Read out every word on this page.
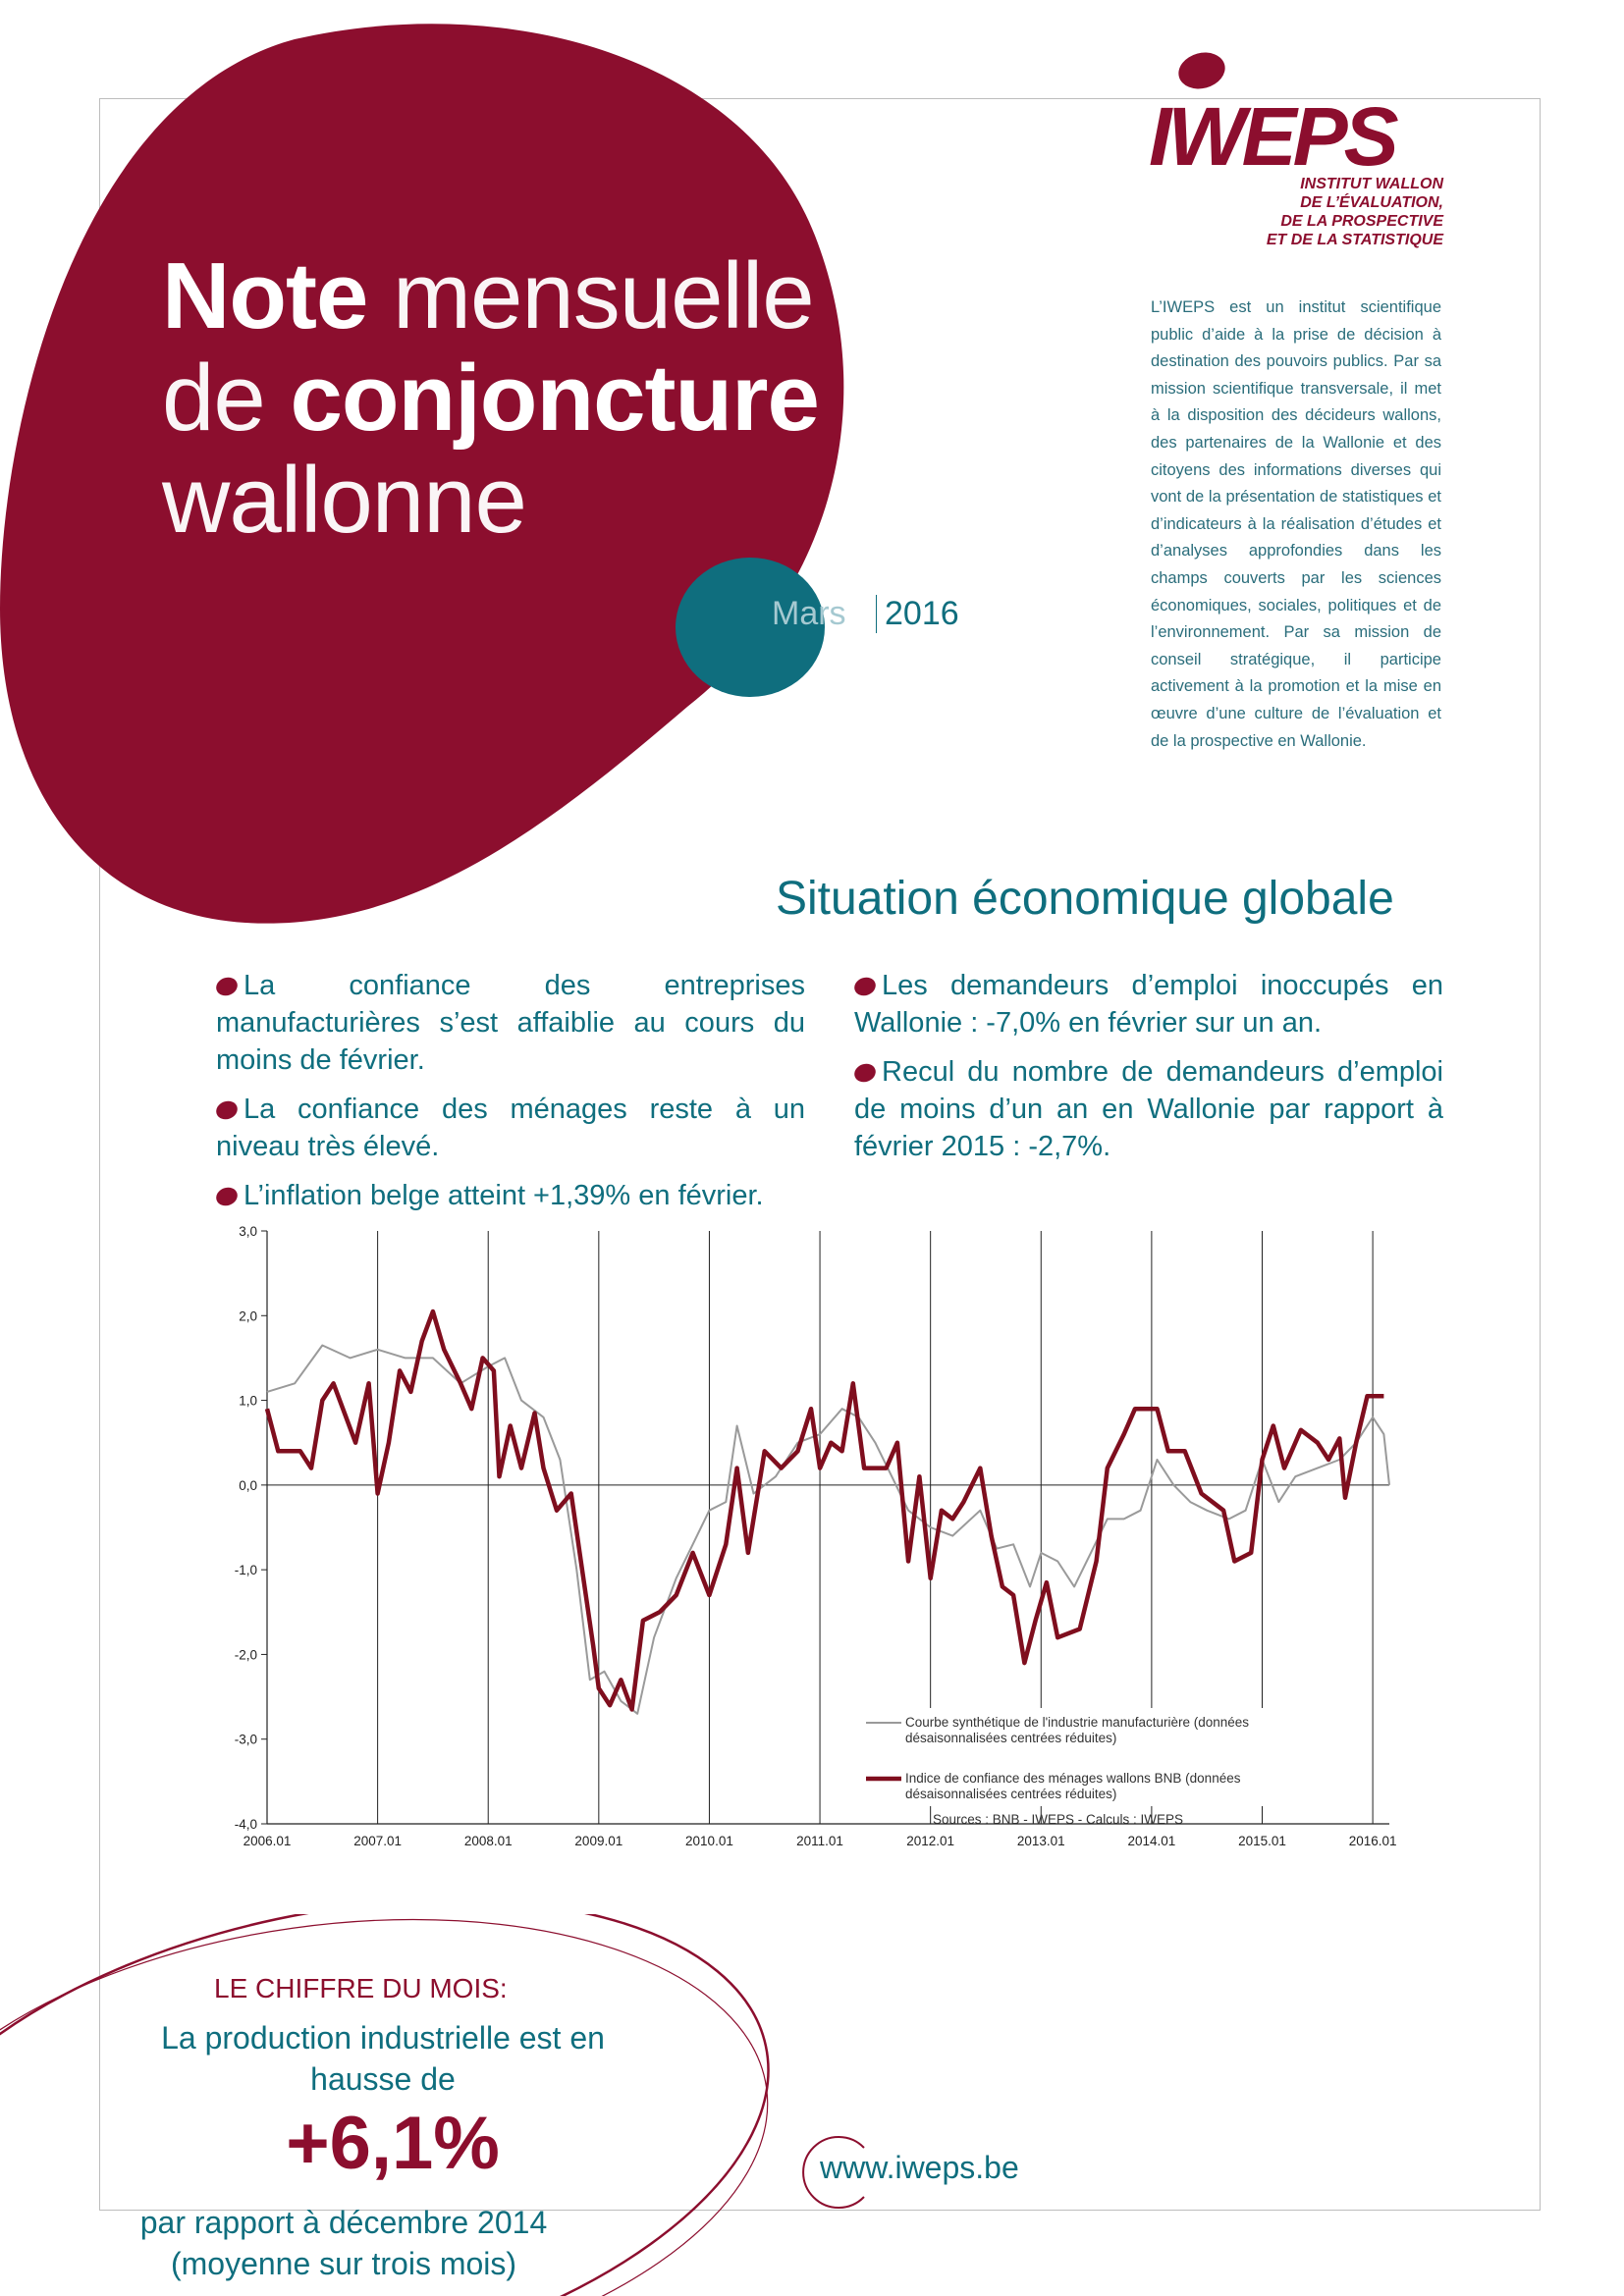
Note mensuelle
de conjoncture
wallonne
Mars 2016
IWEPS
INSTITUT WALLON
DE L’ÉVALUATION,
DE LA PROSPECTIVE
ET DE LA STATISTIQUE
L’IWEPS est un institut scientifique public d’aide à la prise de décision à destination des pouvoirs publics. Par sa mission scientifique transversale, il met à la disposition des décideurs wallons, des partenaires de la Wallonie et des citoyens des informations diverses qui vont de la présentation de statistiques et d’indicateurs à la réalisation d’études et d’analyses approfondies dans les champs couverts par les sciences économiques, sociales, politiques et de l’environnement. Par sa mission de conseil stratégique, il participe activement à la promotion et la mise en œuvre d’une culture de l’évaluation et de la prospective en Wallonie.
Situation économique globale

La confiance des entreprises manufacturières s’est affaiblie au cours du moins de février.

La confiance des ménages reste à un niveau très élevé.

L’inflation belge atteint +1,39% en février.

Les demandeurs d’emploi inoccupés en Wallonie : -7,0% en février sur un an.

Recul du nombre de demandeurs d’emploi de moins d’un an en Wallonie par rapport à février 2015 : -2,7%.

2006.01	2007.01	2008.01	2009.01	2010.01	2011.01	2012.01	2013.01	2014.01	2015.01	2016.01
3,0
2,0
1,0
0,0
-1,0
-2,0
-3,0
-4,0
Courbe synthétique de l'industrie manufacturière (données
désaisonnalisées centrées réduites)
Indice de confiance des ménages wallons BNB (données
désaisonnalisées centrées réduites)
Sources : BNB - IWEPS - Calculs : IWEPS
LE CHIFFRE DU MOIS:
La production industrielle est en
hausse de
+6,1%
par rapport à décembre 2014
(moyenne sur trois mois)
www.iweps.be
